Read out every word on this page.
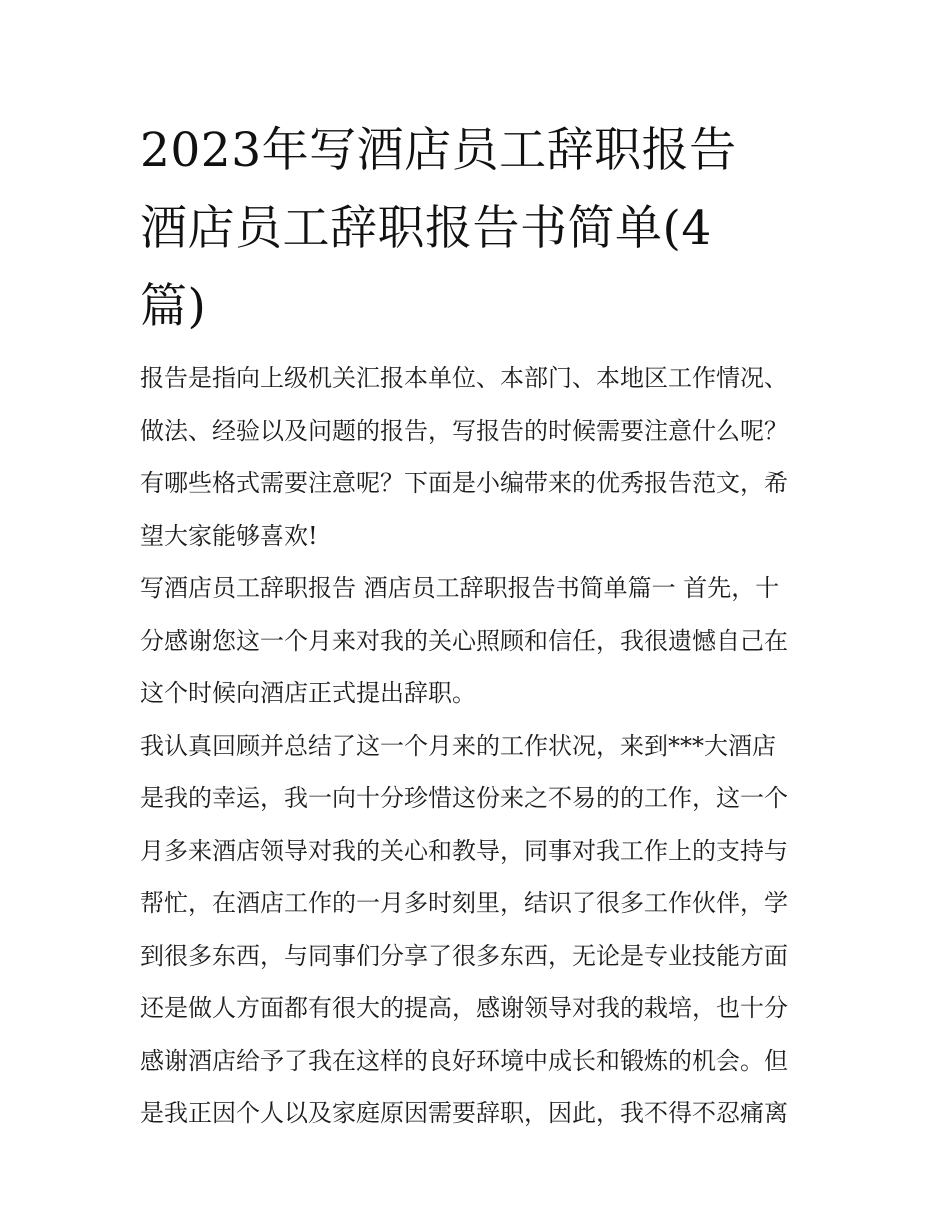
2023年写酒店员工辞职报告
酒店员工辞职报告书简单(4
篇)
报告是指向上级机关汇报本单位、本部门、本地区工作情况、
做法、经验以及问题的报告，写报告的时候需要注意什么呢？
有哪些格式需要注意呢？下面是小编带来的优秀报告范文，希
望大家能够喜欢!
写酒店员工辞职报告 酒店员工辞职报告书简单篇一 首先，十
分感谢您这一个月来对我的关心照顾和信任，我很遗憾自己在
这个时候向酒店正式提出辞职。
我认真回顾并总结了这一个月来的工作状况，来到***大酒店
是我的幸运，我一向十分珍惜这份来之不易的的工作，这一个
月多来酒店领导对我的关心和教导，同事对我工作上的支持与
帮忙，在酒店工作的一月多时刻里，结识了很多工作伙伴，学
到很多东西，与同事们分享了很多东西，无论是专业技能方面
还是做人方面都有很大的提高，感谢领导对我的栽培，也十分
感谢酒店给予了我在这样的良好环境中成长和锻炼的机会。但
是我正因个人以及家庭原因需要辞职，因此，我不得不忍痛离
